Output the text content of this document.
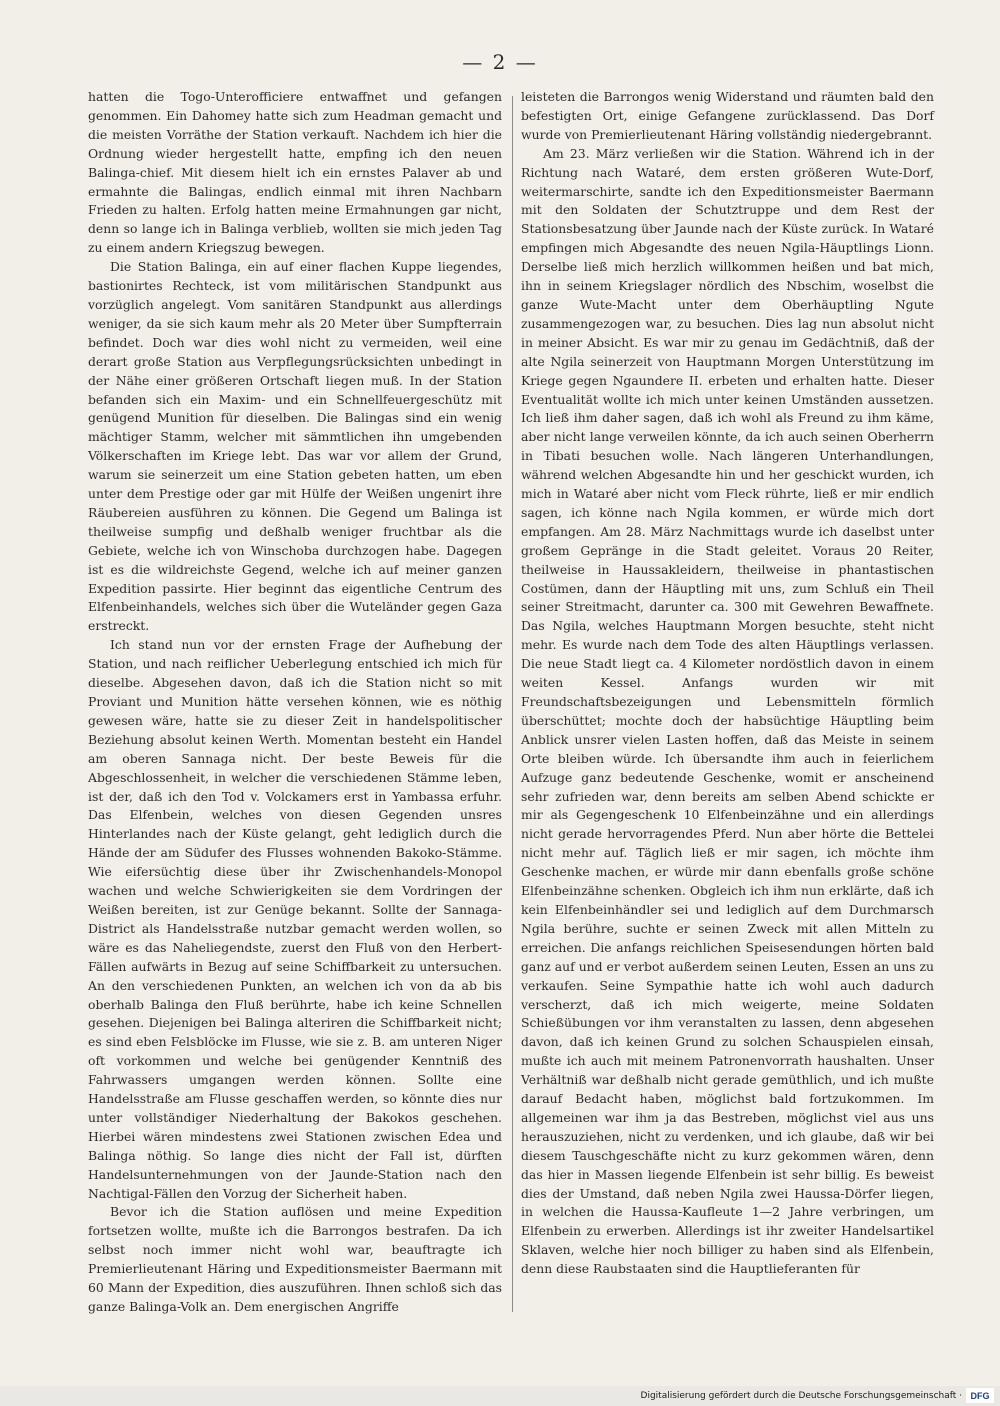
— 2 —

hatten die Togo-Unterofficiere entwaffnet und gefangen genommen. Ein Dahomey hatte sich zum Headman gemacht und die meisten Vorräthe der Station verkauft. Nachdem ich hier die Ordnung wieder hergestellt hatte, empfing ich den neuen Balinga-chief. Mit diesem hielt ich ein ernstes Palaver ab und ermahnte die Balingas, endlich einmal mit ihren Nachbarn Frieden zu halten. Erfolg hatten meine Ermahnungen gar nicht, denn so lange ich in Balinga verblieb, wollten sie mich jeden Tag zu einem andern Kriegszug bewegen.

Die Station Balinga, ein auf einer flachen Kuppe liegendes, bastionirtes Rechteck, ist vom militärischen Standpunkt aus vorzüglich angelegt. Vom sanitären Standpunkt aus allerdings weniger, da sie sich kaum mehr als 20 Meter über Sumpfterrain befindet. Doch war dies wohl nicht zu vermeiden, weil eine derart große Station aus Verpflegungsrücksichten unbedingt in der Nähe einer größeren Ortschaft liegen muß. In der Station befanden sich ein Maxim- und ein Schnellfeuergeschütz mit genügend Munition für dieselben. Die Balingas sind ein wenig mächtiger Stamm, welcher mit sämmtlichen ihn umgebenden Völkerschaften im Kriege lebt. Das war vor allem der Grund, warum sie seinerzeit um eine Station gebeten hatten, um eben unter dem Prestige oder gar mit Hülfe der Weißen ungenirt ihre Räubereien ausführen zu können. Die Gegend um Balinga ist theilweise sumpfig und deßhalb weniger fruchtbar als die Gebiete, welche ich von Winschoba durchzogen habe. Dagegen ist es die wildreichste Gegend, welche ich auf meiner ganzen Expedition passirte. Hier beginnt das eigentliche Centrum des Elfenbeinhandels, welches sich über die Wuteländer gegen Gaza erstreckt.

Ich stand nun vor der ernsten Frage der Aufhebung der Station, und nach reiflicher Ueberlegung entschied ich mich für dieselbe. Abgesehen davon, daß ich die Station nicht so mit Proviant und Munition hätte versehen können, wie es nöthig gewesen wäre, hatte sie zu dieser Zeit in handelspolitischer Beziehung absolut keinen Werth. Momentan besteht ein Handel am oberen Sannaga nicht. Der beste Beweis für die Abgeschlossenheit, in welcher die verschiedenen Stämme leben, ist der, daß ich den Tod v. Volckamers erst in Yambassa erfuhr. Das Elfenbein, welches von diesen Gegenden unsres Hinterlandes nach der Küste gelangt, geht lediglich durch die Hände der am Südufer des Flusses wohnenden Bakoko-Stämme. Wie eifersüchtig diese über ihr Zwischenhandels-Monopol wachen und welche Schwierigkeiten sie dem Vordringen der Weißen bereiten, ist zur Genüge bekannt. Sollte der Sannaga-District als Handelsstraße nutzbar gemacht werden wollen, so wäre es das Naheliegendste, zuerst den Fluß von den Herbert-Fällen aufwärts in Bezug auf seine Schiffbarkeit zu untersuchen. An den verschiedenen Punkten, an welchen ich von da ab bis oberhalb Balinga den Fluß berührte, habe ich keine Schnellen gesehen. Diejenigen bei Balinga alteriren die Schiffbarkeit nicht; es sind eben Felsblöcke im Flusse, wie sie z. B. am unteren Niger oft vorkommen und welche bei genügender Kenntniß des Fahrwassers umgangen werden können. Sollte eine Handelsstraße am Flusse geschaffen werden, so könnte dies nur unter vollständiger Niederhaltung der Bakokos geschehen. Hierbei wären mindestens zwei Stationen zwischen Edea und Balinga nöthig. So lange dies nicht der Fall ist, dürften Handelsunternehmungen von der Jaunde-Station nach den Nachtigal-Fällen den Vorzug der Sicherheit haben.

Bevor ich die Station auflösen und meine Expedition fortsetzen wollte, mußte ich die Barrongos bestrafen. Da ich selbst noch immer nicht wohl war, beauftragte ich Premierlieutenant Häring und Expeditionsmeister Baermann mit 60 Mann der Expedition, dies auszuführen. Ihnen schloß sich das ganze Balinga-Volk an. Dem energischen Angriffe

leisteten die Barrongos wenig Widerstand und räumten bald den befestigten Ort, einige Gefangene zurücklassend. Das Dorf wurde von Premierlieutenant Häring vollständig niedergebrannt.

Am 23. März verließen wir die Station. Während ich in der Richtung nach Wataré, dem ersten größeren Wute-Dorf, weitermarschirte, sandte ich den Expeditionsmeister Baermann mit den Soldaten der Schutztruppe und dem Rest der Stationsbesatzung über Jaunde nach der Küste zurück. In Wataré empfingen mich Abgesandte des neuen Ngila-Häuptlings Lionn. Derselbe ließ mich herzlich willkommen heißen und bat mich, ihn in seinem Kriegslager nördlich des Nbschim, woselbst die ganze Wute-Macht unter dem Oberhäuptling Ngute zusammengezogen war, zu besuchen. Dies lag nun absolut nicht in meiner Absicht. Es war mir zu genau im Gedächtniß, daß der alte Ngila seinerzeit von Hauptmann Morgen Unterstützung im Kriege gegen Ngaundere II. erbeten und erhalten hatte. Dieser Eventualität wollte ich mich unter keinen Umständen aussetzen. Ich ließ ihm daher sagen, daß ich wohl als Freund zu ihm käme, aber nicht lange verweilen könnte, da ich auch seinen Oberherrn in Tibati besuchen wolle. Nach längeren Unterhandlungen, während welchen Abgesandte hin und her geschickt wurden, ich mich in Wataré aber nicht vom Fleck rührte, ließ er mir endlich sagen, ich könne nach Ngila kommen, er würde mich dort empfangen. Am 28. März Nachmittags wurde ich daselbst unter großem Gepränge in die Stadt geleitet. Voraus 20 Reiter, theilweise in Haussakleidern, theilweise in phantastischen Costümen, dann der Häuptling mit uns, zum Schluß ein Theil seiner Streitmacht, darunter ca. 300 mit Gewehren Bewaffnete. Das Ngila, welches Hauptmann Morgen besuchte, steht nicht mehr. Es wurde nach dem Tode des alten Häuptlings verlassen. Die neue Stadt liegt ca. 4 Kilometer nordöstlich davon in einem weiten Kessel. Anfangs wurden wir mit Freundschaftsbezeigungen und Lebensmitteln förmlich überschüttet; mochte doch der habsüchtige Häuptling beim Anblick unsrer vielen Lasten hoffen, daß das Meiste in seinem Orte bleiben würde. Ich übersandte ihm auch in feierlichem Aufzuge ganz bedeutende Geschenke, womit er anscheinend sehr zufrieden war, denn bereits am selben Abend schickte er mir als Gegengeschenk 10 Elfenbeinzähne und ein allerdings nicht gerade hervorragendes Pferd. Nun aber hörte die Bettelei nicht mehr auf. Täglich ließ er mir sagen, ich möchte ihm Geschenke machen, er würde mir dann ebenfalls große schöne Elfenbeinzähne schenken. Obgleich ich ihm nun erklärte, daß ich kein Elfenbeinhändler sei und lediglich auf dem Durchmarsch Ngila berühre, suchte er seinen Zweck mit allen Mitteln zu erreichen. Die anfangs reichlichen Speisesendungen hörten bald ganz auf und er verbot außerdem seinen Leuten, Essen an uns zu verkaufen. Seine Sympathie hatte ich wohl auch dadurch verscherzt, daß ich mich weigerte, meine Soldaten Schießübungen vor ihm veranstalten zu lassen, denn abgesehen davon, daß ich keinen Grund zu solchen Schauspielen einsah, mußte ich auch mit meinem Patronenvorrath haushalten. Unser Verhältniß war deßhalb nicht gerade gemüthlich, und ich mußte darauf Bedacht haben, möglichst bald fortzukommen. Im allgemeinen war ihm ja das Bestreben, möglichst viel aus uns herauszuziehen, nicht zu verdenken, und ich glaube, daß wir bei diesem Tauschgeschäfte nicht zu kurz gekommen wären, denn das hier in Massen liegende Elfenbein ist sehr billig. Es beweist dies der Umstand, daß neben Ngila zwei Haussa-Dörfer liegen, in welchen die Haussa-Kaufleute 1—2 Jahre verbringen, um Elfenbein zu erwerben. Allerdings ist ihr zweiter Handelsartikel Sklaven, welche hier noch billiger zu haben sind als Elfenbein, denn diese Raubstaaten sind die Hauptlieferanten für

Digitalisierung gefördert durch die Deutsche Forschungsgemeinschaft · DFG
